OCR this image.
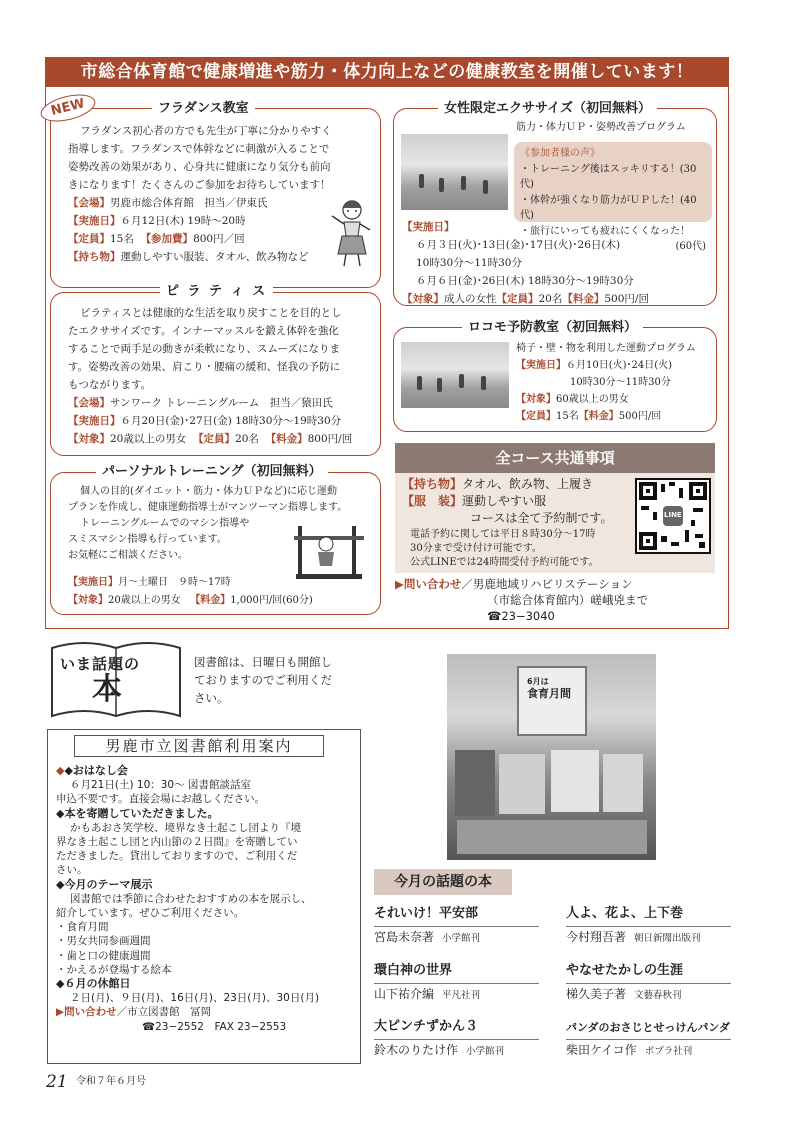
市総合体育館で健康増進や筋力・体力向上などの健康教室を開催しています！
NEW	フラダンス教室
フラダンス初心者の方でも先生が丁寧に分かりやすく
指導します。フラダンスで体幹などに刺激が入ることで
姿勢改善の効果があり、心身共に健康になり気分も前向
きになります！たくさんのご参加をお待ちしています！
【会場】男鹿市総合体育館　担当／伊東氏
【実施日】６月12日(木) 19時〜20時
【定員】15名 【参加費】800円／回
【持ち物】運動しやすい服装、タオル、飲み物など
ピ ラ テ ィ ス
ピラティスとは健康的な生活を取り戻すことを目的とし
たエクササイズです。インナーマッスルを鍛え体幹を強化
することで両手足の動きが柔軟になり、スムーズになりま
す。姿勢改善の効果、肩こり・腰痛の緩和、怪我の予防に
もつながります。
【会場】サンワーク トレーニングルーム　担当／猿田氏
【実施日】６月20日(金)･27日(金) 18時30分〜19時30分
【対象】20歳以上の男女 【定員】20名 【料金】800円/回
パーソナルトレーニング（初回無料）
個人の目的(ダイエット・筋力・体力ＵＰなど)に応じ運動
プランを作成し、健康運動指導士がマンツーマン指導します。
トレーニングルームでのマシン指導や
スミスマシン指導も行っています。
お気軽にご相談ください。
【実施日】月〜土曜日　９時〜17時
【対象】20歳以上の男女 【料金】1,000円/回(60分)
女性限定エクササイズ（初回無料）
筋力・体力ＵＰ・姿勢改善プログラム
《参加者様の声》
・トレーニング後はスッキリする！(30代)
・体幹が強くなり筋力がＵＰした！(40代)
・旅行にいっても疲れにくくなった！
(60代)
【実施日】
６月３日(火)･13日(金)･17日(火)･26日(木)
10時30分〜11時30分
６月６日(金)･26日(木) 18時30分〜19時30分
【対象】成人の女性【定員】20名【料金】500円/回
ロコモ予防教室（初回無料）
椅子・壁・物を利用した運動プログラム
【実施日】６月10日(火)･24日(火)
10時30分〜11時30分
【対象】60歳以上の男女
【定員】15名【料金】500円/回
全コース共通事項
【持ち物】タオル、飲み物、上履き
【服　装】運動しやすい服
コースは全て予約制です。
電話予約に関しては平日８時30分〜17時
30分まで受け付け可能です。
公式LINEでは24時間受付予約可能です。
LINE
▶問い合わせ／男鹿地域リハビリステーション
（市総合体育館内）嵯峨兇まで
☎23−3040
いま話題の
本
図書館は、日曜日も開館し
ておりますのでご利用くだ
さい。
男鹿市立図書館利用案内
◆◆おはなし会
６月21日(土) 10：30〜 図書館談話室
申込不要です。直接会場にお越しください。
◆本を寄贈していただきました。
かもあおさ笑学校、境界なき土起こし団より『境
界なき土起こし団と内山節の２日間』を寄贈してい
ただきました。貸出しておりますので、ご利用くだ
さい。
◆今月のテーマ展示
図書館では季節に合わせたおすすめの本を展示し、
紹介しています。ぜひご利用ください。
・食育月間
・男女共同参画週間
・歯と口の健康週間
・かえるが登場する絵本
◆６月の休館日
２日(月)、９日(月)、16日(月)、23日(月)、30日(月)
▶問い合わせ／市立図書館　冨岡
☎23−2552　FAX 23−2553
6月は
食育月間
今月の話題の本
それいけ！平安部
宮島未奈著 小学館刊
人よ、花よ、上下巻
今村翔吾著 朝日新聞出版刊
環白神の世界
山下祐介編 平凡社刊
やなせたかしの生涯
梯久美子著 文藝春秋刊
大ピンチずかん３
鈴木のりたけ作 小学館刊
パンダのおさじとせっけんパンダ
柴田ケイコ作 ポプラ社刊
21 令和７年６月号
